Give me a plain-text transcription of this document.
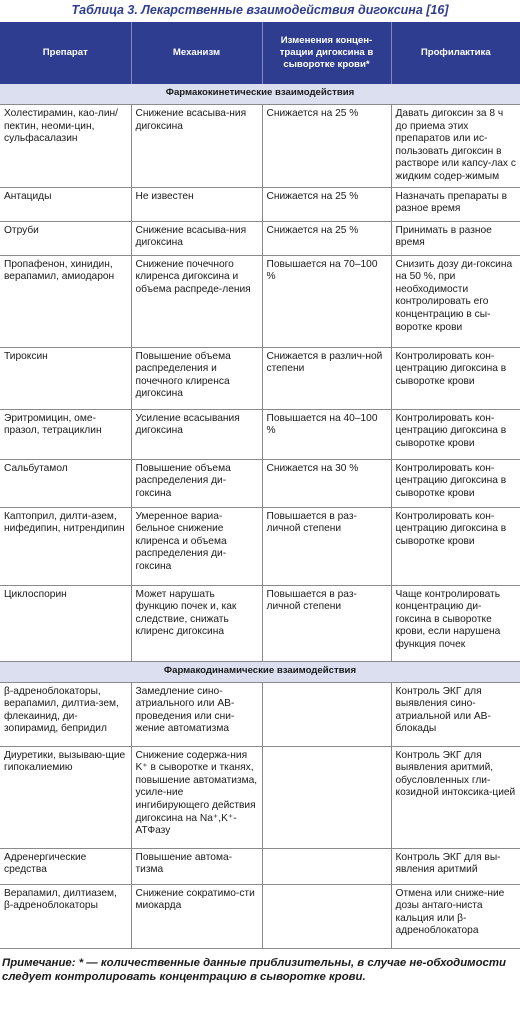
Таблица 3. Лекарственные взаимодействия дигоксина [16]
Препарат	Механизм	Изменения концен-трации дигоксина в сыворотке крови*	Профилактика
Фармакокинетические взаимодействия			
Холестирамин, као-лин/пектин, неоми-цин, сульфасалазин	Снижение всасыва-ния дигоксина	Снижается на 25 %	Давать дигоксин за 8 ч до приема этих препаратов или ис-пользовать дигоксин в растворе или капсу-лах с жидким содер-жимым
Антациды	Не известен	Снижается на 25 %	Назначать препараты в разное время
Отруби	Снижение всасыва-ния дигоксина	Снижается на 25 %	Принимать в разное время
Пропафенон, хинидин, верапамил, амиодарон	Снижение почечного клиренса дигоксина и объема распреде-ления	Повышается на 70–100 %	Снизить дозу ди-гоксина на 50 %, при необходимости контролировать его концентрацию в сы-воротке крови
Тироксин	Повышение объема распределения и почечного клиренса дигоксина	Снижается в различ-ной степени	Контролировать кон-центрацию дигоксина в сыворотке крови
Эритромицин, оме-празол, тетрациклин	Усиление всасывания дигоксина	Повышается на 40–100 %	Контролировать кон-центрацию дигоксина в сыворотке крови
Сальбутамол	Повышение объема распределения ди-гоксина	Снижается на 30 %	Контролировать кон-центрацию дигоксина в сыворотке крови
Каптоприл, дилти-азем, нифедипин, нитрендипин	Умеренное вариа-бельное снижение клиренса и объема распределения ди-гоксина	Повышается в раз-личной степени	Контролировать кон-центрацию дигоксина в сыворотке крови
Циклоспорин	Может нарушать функцию почек и, как следствие, снижать клиренс дигоксина	Повышается в раз-личной степени	Чаще контролировать концентрацию ди-гоксина в сыворотке крови, если нарушена функция почек
Фармакодинамические взаимодействия			
β-адреноблокаторы, верапамил, дилтиа-зем, флекаинид, ди-зопирамид, бепридил	Замедление сино-атриального или AB-проведения или сни-жение автоматизма		Контроль ЭКГ для выявления сино-атриальной или AB-блокады
Диуретики, вызываю-щие гипокалиемию	Снижение содержа-ния K⁺ в сыворотке и тканях, повышение автоматизма, усиле-ние ингибирующего действия дигоксина на Na⁺,K⁺-АТФазу		Контроль ЭКГ для выявления аритмий, обусловленных гли-козидной интоксика-цией
Адренергические средства	Повышение автома-тизма		Контроль ЭКГ для вы-явления аритмий
Верапамил, дилтиазем, β-адреноблокаторы	Снижение сократимо-сти миокарда		Отмена или сниже-ние дозы антаго-ниста кальция или β-адреноблокатора
Примечание: * — количественные данные приблизительны, в случае не-обходимости следует контролировать концентрацию в сыворотке крови.
